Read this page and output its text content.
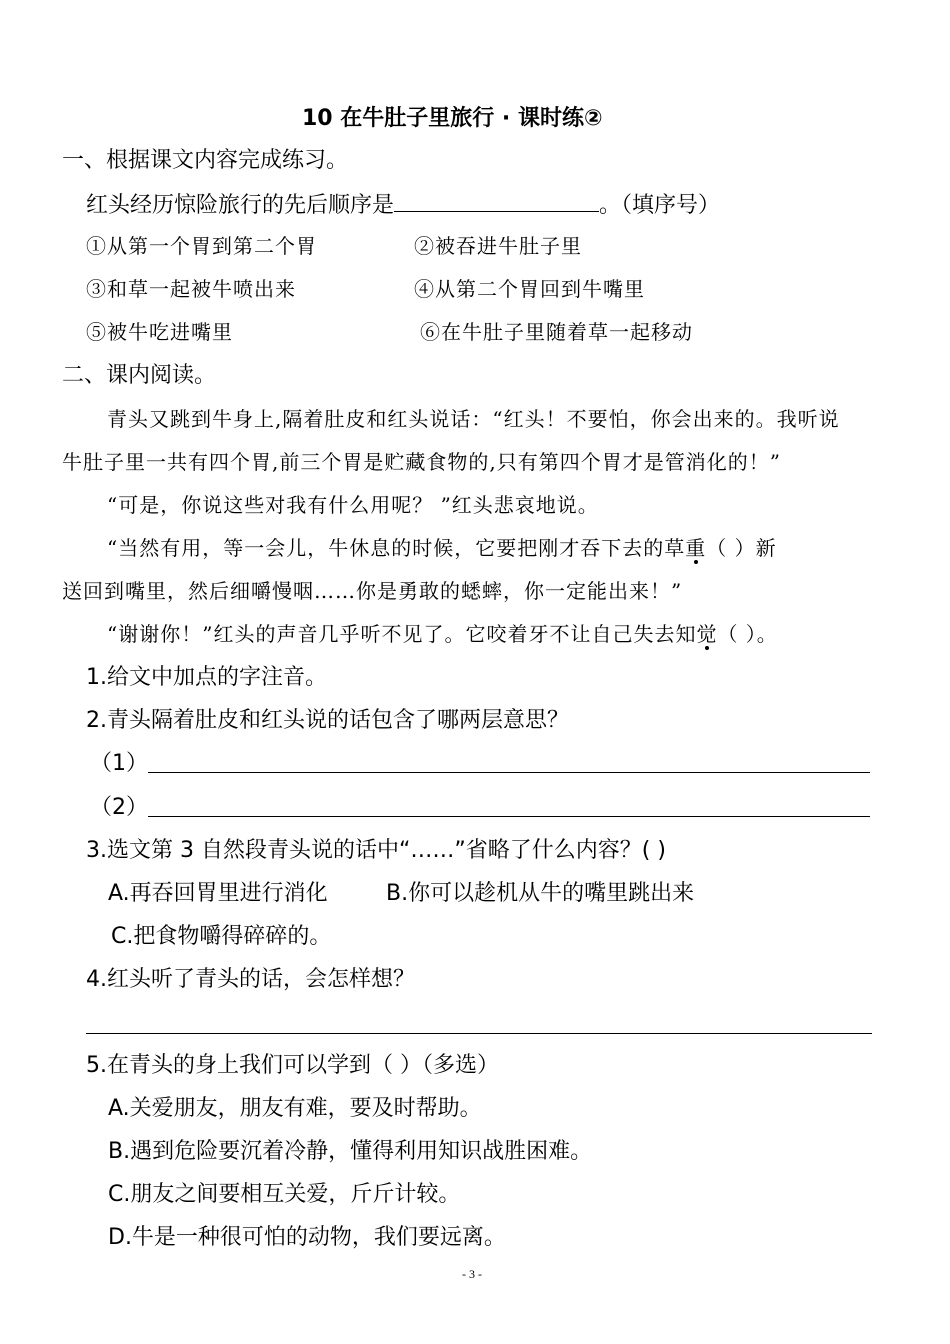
10 在牛肚子里旅行 · 课时练②
一、根据课文内容完成练习。
红头经历惊险旅行的先后顺序是	。（填序号）
①从第一个胃到第二个胃	②被吞进牛肚子里
③和草一起被牛喷出来	④从第二个胃回到牛嘴里
⑤被牛吃进嘴里	⑥在牛肚子里随着草一起移动
二、课内阅读。
青头又跳到牛身上,隔着肚皮和红头说话：“红头！不要怕，你会出来的。我听说
牛肚子里一共有四个胃,前三个胃是贮藏食物的,只有第四个胃才是管消化的！”
“可是，你说这些对我有什么用呢？ ”红头悲哀地说。
“当然有用，等一会儿，牛休息的时候，它要把刚才吞下去的草重（ ）新
送回到嘴里，然后细嚼慢咽……你是勇敢的蟋蟀，你一定能出来！”
“谢谢你！”红头的声音几乎听不见了。它咬着牙不让自己失去知觉（ ）。
1.给文中加点的字注音。
2.青头隔着肚皮和红头说的话包含了哪两层意思？
（1）
（2）
3.选文第 3 自然段青头说的话中“……”省略了什么内容？( )
A.再吞回胃里进行消化	B.你可以趁机从牛的嘴里跳出来
C.把食物嚼得碎碎的。
4.红头听了青头的话，会怎样想？
5.在青头的身上我们可以学到（ ）（多选）
A.关爱朋友，朋友有难，要及时帮助。
B.遇到危险要沉着冷静，懂得利用知识战胜困难。
C.朋友之间要相互关爱，斤斤计较。
D.牛是一种很可怕的动物，我们要远离。
- 3 -
